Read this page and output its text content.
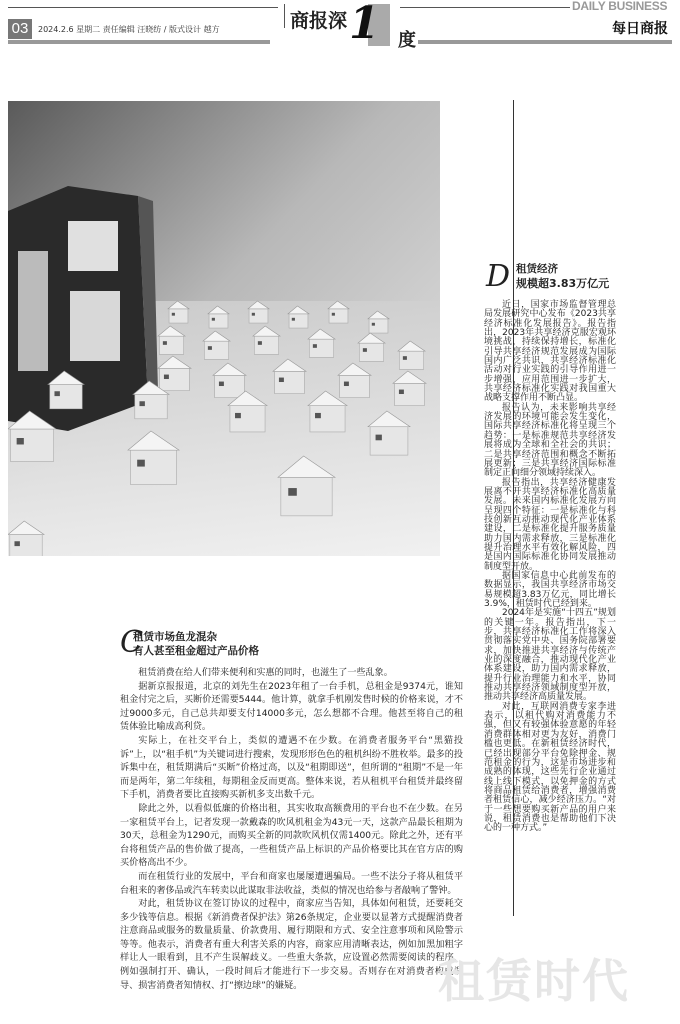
03	2024.2.6 星期二 责任编辑 汪晓纺 / 版式设计 越方	商报深 1 度
DAILY BUSINESS
每日商报
D 租赁经济
规模超3.83万亿元

近日，国家市场监督管理总局发展研究中心发布《2023共享经济标准化发展报告》。报告指出，2023年共享经济克服宏观环境挑战，持续保持增长，标准化引导共享经济规范发展成为国际国内广泛共识，共享经济标准化活动对行业实践的引导作用进一步增强、应用范围进一步扩大，共享经济标准化实践对我国重大战略支撑作用不断凸显。

报告认为，未来影响共享经济发展的环境可能会发生变化，国际共享经济标准化将呈现三个趋势：一是标准规范共享经济发展将成为全球和全社会的共识；二是共享经济范围和概念不断拓展更新；三是共享经济国际标准制定正向细分领域持续深入。

报告指出，共享经济健康发展离不开共享经济标准化高质量发展。未来国内标准化发展方向呈现四个特征：一是标准化与科技创新互动推动现代化产业体系建设，二是标准化提升服务质量助力国内需求释放，三是标准化提升治理水平有效化解风险，四是国内国际标准化协同发展推动制度型开放。

据国家信息中心此前发布的数据显示，我国共享经济市场交易规模超3.83万亿元，同比增长3.9%，租赁时代已经到来。

2024年是实施“十四五”规划的关键一年。报告指出，下一步，共享经济标准化工作将深入贯彻落实党中央、国务院部署要求，加快推进共享经济与传统产业的深度融合，推动现代化产业体系建设，助力国内需求释放，提升行业治理能力和水平，协同推动共享经济领域制度型开放，推动共享经济高质量发展。

对此，互联网消费专家李进表示，以租代购对消费能力不强，但又有较强体验意愿的年轻消费群体相对更为友好，消费门槛也更低。在新租赁经济时代，已经出现部分平台免除押金、规范租金的行为，这是市场进步和成熟的体现，这些先行企业通过线上线下模式，以免押金的方式将商品租赁给消费者，增强消费者租赁信心，减少经济压力。“对于一些想要购买新产品的用户来说，租赁消费也是帮助他们下决心的一种方式。”

C
租赁市场鱼龙混杂
有人甚至租金超过产品价格

租赁消费在给人们带来便利和实惠的同时，也滋生了一些乱象。

据新京报报道，北京的刘先生在2023年租了一台手机，总租金是9374元，谁知租金付完之后，买断价还需要5444。他计算，就拿手机刚发售时候的价格来说，才不过9000多元，自己总共却要支付14000多元，怎么想都不合理。他甚至将自己的租赁体验比喻成高利贷。

实际上，在社交平台上，类似的遭遇不在少数。在消费者服务平台“黑猫投诉”上，以“租手机”为关键词进行搜索，发现形形色色的租机纠纷不胜枚举。最多的投诉集中在，租赁期满后“买断”价格过高，以及“租期即送”，但所谓的“租期”不是一年而是两年，第二年续租，每期租金反而更高。整体来说，若从租机平台租赁并最终留下手机，消费者要比直接购买新机多支出数千元。

除此之外，以看似低廉的价格出租，其实收取高额费用的平台也不在少数。在另一家租赁平台上，记者发现一款戴森的吹风机租金为43元一天，这款产品最长租期为30天，总租金为1290元，而购买全新的同款吹风机仅需1400元。除此之外，还有平台将租赁产品的售价做了提高，一些租赁产品上标识的产品价格要比其在官方店的购买价格高出不少。

而在租赁行业的发展中，平台和商家也屡屡遭遇骗局。一些不法分子将从租赁平台租来的奢侈品或汽车转卖以此谋取非法收益，类似的情况也给参与者敲响了警钟。

对此，租赁协议在签订协议的过程中，商家应当告知，具体如何租赁，还要耗交多少钱等信息。根据《新消费者保护法》第26条规定，企业要以显著方式提醒消费者注意商品或服务的数量质量、价款费用、履行期限和方式、安全注意事项和风险警示等等。他表示，消费者有重大利害关系的内容，商家应用清晰表达，例如加黑加粗字样让人一眼看到，且不产生误解歧义。一些重大条款，应设置必然需要阅读的程序，例如强制打开、确认，一段时间后才能进行下一步交易。否则存在对消费者构成误导、损害消费者知情权、打“擦边球”的嫌疑。	租赁时代
